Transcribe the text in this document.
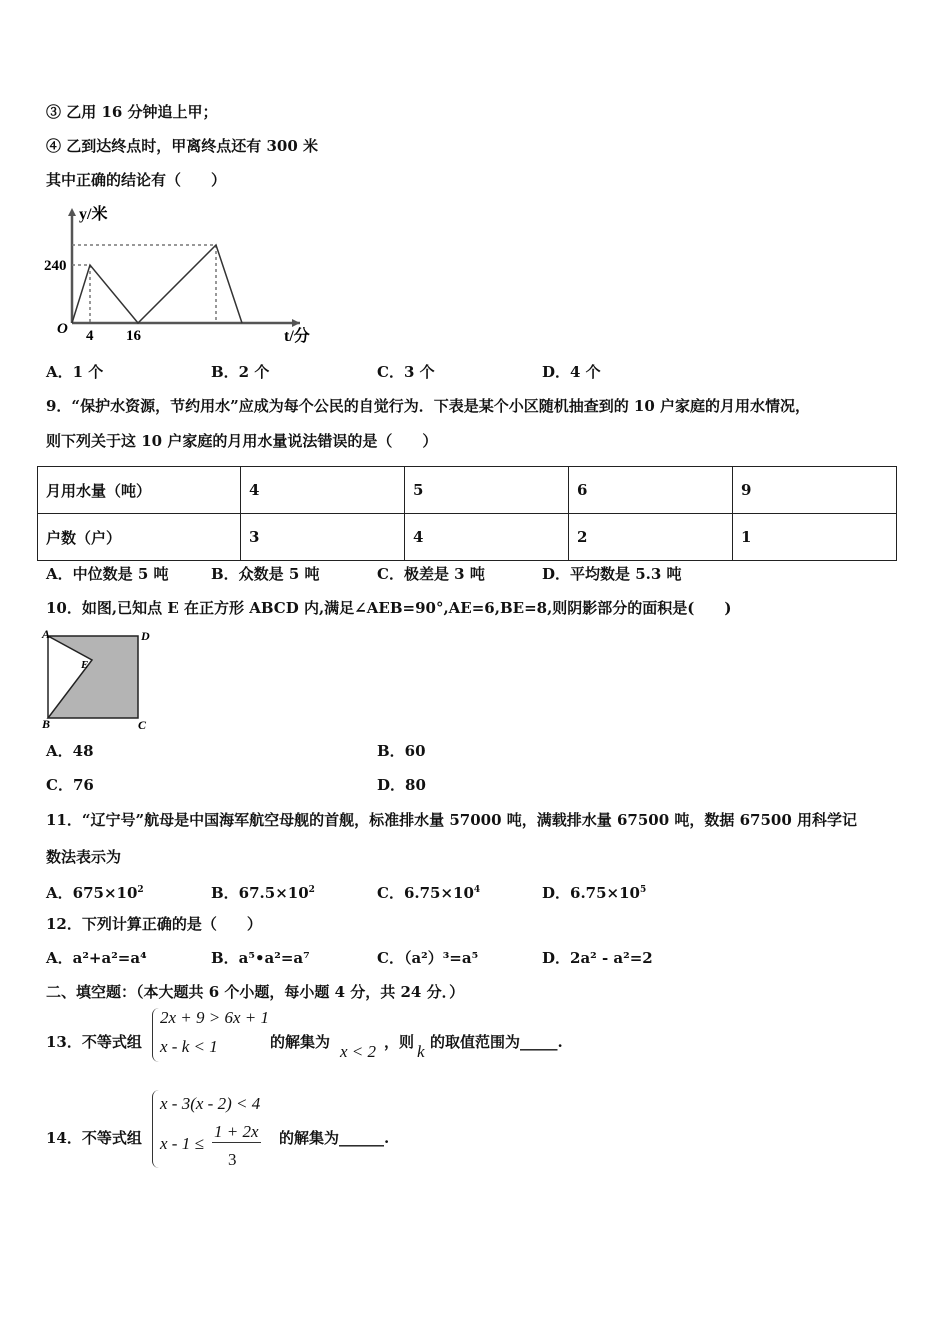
③ 乙用 16 分钟追上甲；
④ 乙到达终点时，甲离终点还有 300 米
其中正确的结论有（　　）
y/米
240
O 4 16	t/分
A．1 个	B．2 个	C．3 个	D．4 个
9．“保护水资源，节约用水”应成为每个公民的自觉行为．下表是某个小区随机抽查到的 10 户家庭的月用水情况，
则下列关于这 10 户家庭的月用水量说法错误的是（　　）
月用水量（吨）	4	5	6	9
户数（户）	3	4	2	1
A．中位数是 5 吨	B．众数是 5 吨	C．极差是 3 吨	D．平均数是 5.3 吨
10．如图,已知点 E 在正方形 ABCD 内,满足∠AEB=90°,AE=6,BE=8,则阴影部分的面积是(　　)
A	D
B	C
E
A．48	B．60
C．76	D．80
11．“辽宁号”航母是中国海军航空母舰的首舰，标准排水量 57000 吨，满载排水量 67500 吨，数据 67500 用科学记
数法表示为
A．$675\times 10^2$	B．$67.5\times 10^2$	C．$6.75\times 10^4$	D．$6.75\times 10^5$
12．下列计算正确的是（　　）
A．a²+a²=a⁴	B．a⁵•a²=a⁷	C．（a²）³=a⁵	D．2a² - a²=2
二、填空题：（本大题共 6 个小题，每小题 4 分，共 24 分．）
13．不等式组
2x + 9 > 6x + 1
x - k < 1	的解集为 x < 2 ，则 k 的取值范围为_____.
14．不等式组
x - 3(x - 2) < 4
x - 1 ≤
1 + 2x
3
的解集为______.
